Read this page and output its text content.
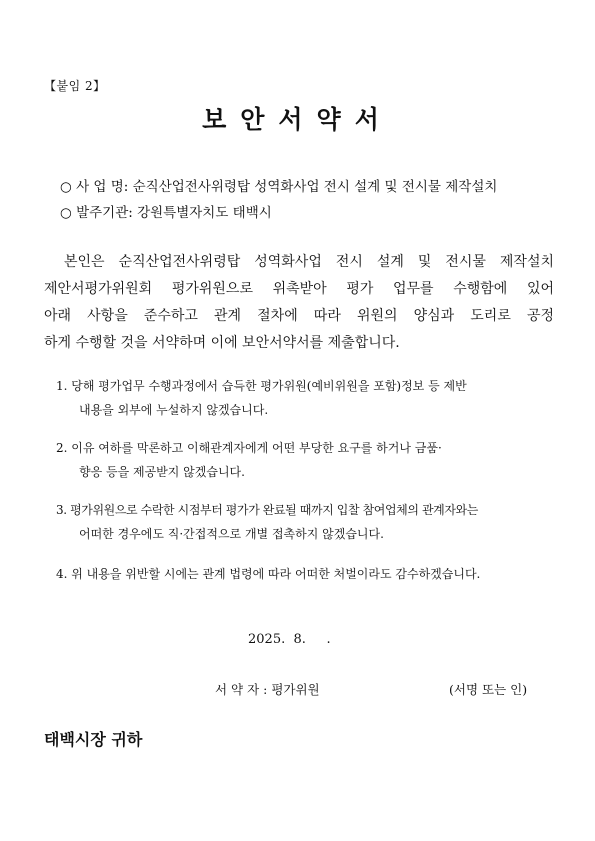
【붙임 2】
보안서약서
○ 사 업 명: 순직산업전사위령탑 성역화사업 전시 설계 및 전시물 제작설치
○ 발주기관: 강원특별자치도 태백시
본인은 순직산업전사위령탑 성역화사업 전시 설계 및 전시물 제작설치
제안서평가위원회 평가위원으로 위촉받아 평가 업무를 수행함에 있어
아래 사항을 준수하고 관계 절차에 따라 위원의 양심과 도리로 공정
하게 수행할 것을 서약하며 이에 보안서약서를 제출합니다.
1. 당해 평가업무 수행과정에서 습득한 평가위원(예비위원을 포함)정보 등 제반
내용을 외부에 누설하지 않겠습니다.
2. 이유 여하를 막론하고 이해관계자에게 어떤 부당한 요구를 하거나 금품·
향응 등을 제공받지 않겠습니다.
3. 평가위원으로 수락한 시점부터 평가가 완료될 때까지 입찰 참여업체의 관계자와는
어떠한 경우에도 직·간접적으로 개별 접촉하지 않겠습니다.
4. 위 내용을 위반할 시에는 관계 법령에 따라 어떠한 처벌이라도 감수하겠습니다.
2025.  8.     .
서 약 자 : 평가위원	(서명 또는 인)
태백시장 귀하
